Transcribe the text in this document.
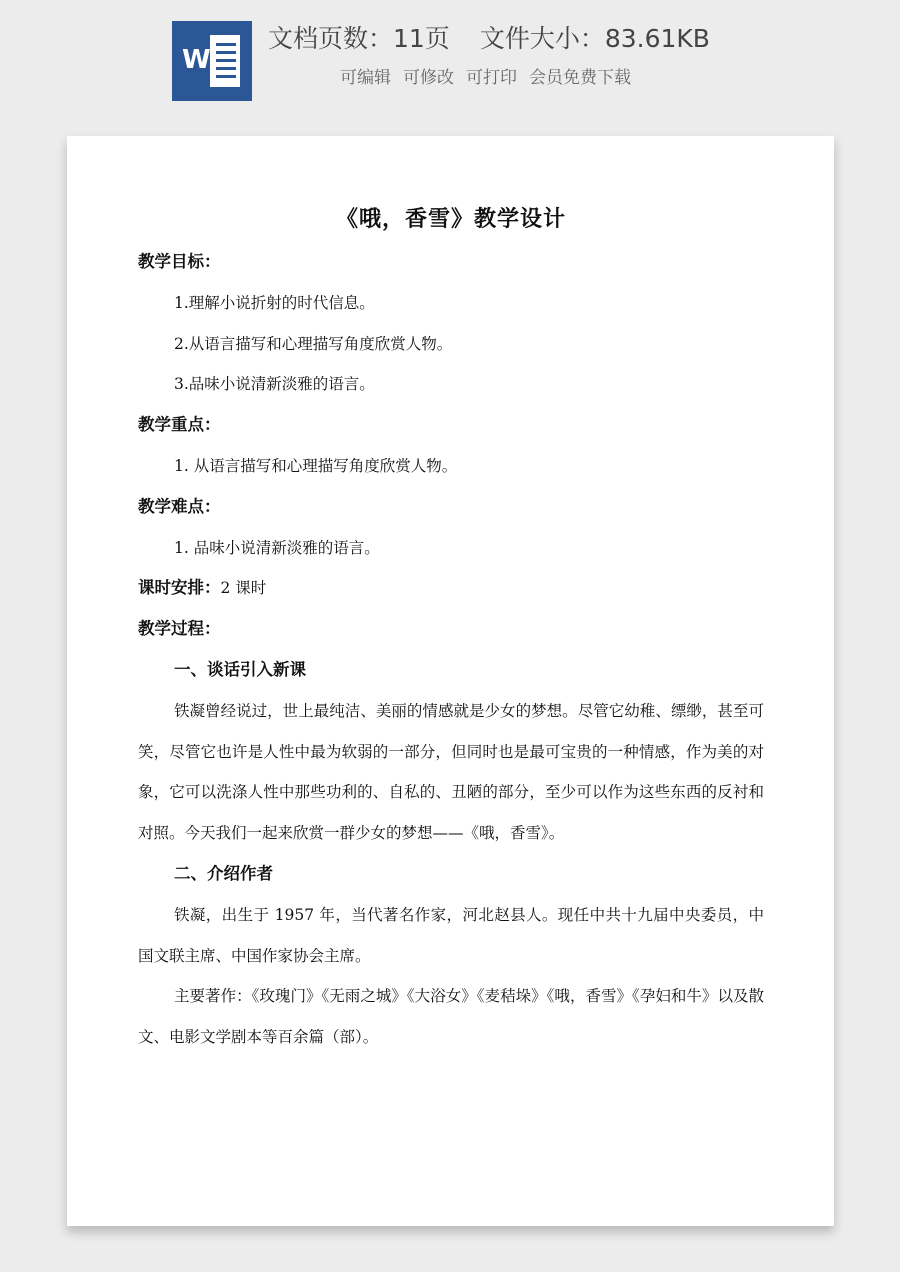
W
文档页数：11页 文件大小：83.61KB
可编辑 可修改 可打印 会员免费下载
《哦，香雪》教学设计
教学目标：
1.理解小说折射的时代信息。
2.从语言描写和心理描写角度欣赏人物。
3.品味小说清新淡雅的语言。
教学重点：
1. 从语言描写和心理描写角度欣赏人物。
教学难点：
1. 品味小说清新淡雅的语言。
课时安排：2 课时
教学过程：
一、谈话引入新课

铁凝曾经说过，世上最纯洁、美丽的情感就是少女的梦想。尽管它幼稚、缥缈，甚至可笑，尽管它也许是人性中最为软弱的一部分，但同时也是最可宝贵的一种情感，作为美的对象，它可以洗涤人性中那些功利的、自私的、丑陋的部分，至少可以作为这些东西的反衬和对照。今天我们一起来欣赏一群少女的梦想——《哦，香雪》。

二、介绍作者

铁凝，出生于 1957 年，当代著名作家，河北赵县人。现任中共十九届中央委员，中国文联主席、中国作家协会主席。

主要著作：《玫瑰门》《无雨之城》《大浴女》《麦秸垛》《哦，香雪》《孕妇和牛》以及散文、电影文学剧本等百余篇（部）。
